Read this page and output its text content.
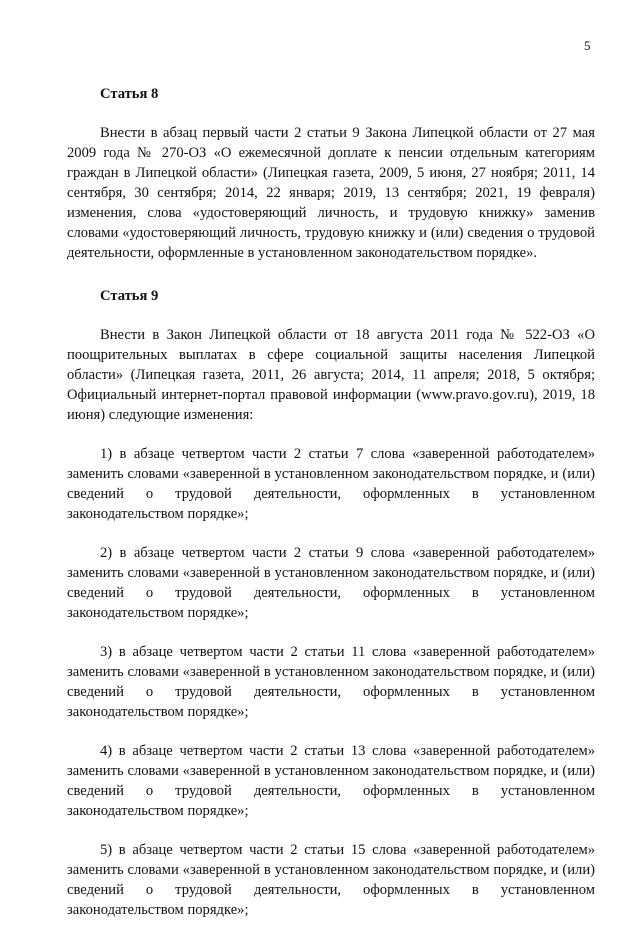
5
Статья 8

Внести в абзац первый части 2 статьи 9 Закона Липецкой области от 27 мая 2009 года № 270-ОЗ «О ежемесячной доплате к пенсии отдельным категориям граждан в Липецкой области» (Липецкая газета, 2009, 5 июня, 27 ноября; 2011, 14 сентября, 30 сентября; 2014, 22 января; 2019, 13 сентября; 2021, 19 февраля) изменения, слова «удостоверяющий личность, и трудовую книжку» заменив словами «удостоверяющий личность, трудовую книжку и (или) сведения о трудовой деятельности, оформленные в установленном законодательством порядке».

Статья 9

Внести в Закон Липецкой области от 18 августа 2011 года № 522-ОЗ «О поощрительных выплатах в сфере социальной защиты населения Липецкой области» (Липецкая газета, 2011, 26 августа; 2014, 11 апреля; 2018, 5 октября; Официальный интернет-портал правовой информации (www.pravo.gov.ru), 2019, 18 июня) следующие изменения:

1) в абзаце четвертом части 2 статьи 7 слова «заверенной работодателем» заменить словами «заверенной в установленном законодательством порядке, и (или) сведений о трудовой деятельности, оформленных в установленном законодательством порядке»;

2) в абзаце четвертом части 2 статьи 9 слова «заверенной работодателем» заменить словами «заверенной в установленном законодательством порядке, и (или) сведений о трудовой деятельности, оформленных в установленном законодательством порядке»;

3) в абзаце четвертом части 2 статьи 11 слова «заверенной работодателем» заменить словами «заверенной в установленном законодательством порядке, и (или) сведений о трудовой деятельности, оформленных в установленном законодательством порядке»;

4) в абзаце четвертом части 2 статьи 13 слова «заверенной работодателем» заменить словами «заверенной в установленном законодательством порядке, и (или) сведений о трудовой деятельности, оформленных в установленном законодательством порядке»;

5) в абзаце четвертом части 2 статьи 15 слова «заверенной работодателем» заменить словами «заверенной в установленном законодательством порядке, и (или) сведений о трудовой деятельности, оформленных в установленном законодательством порядке»;
